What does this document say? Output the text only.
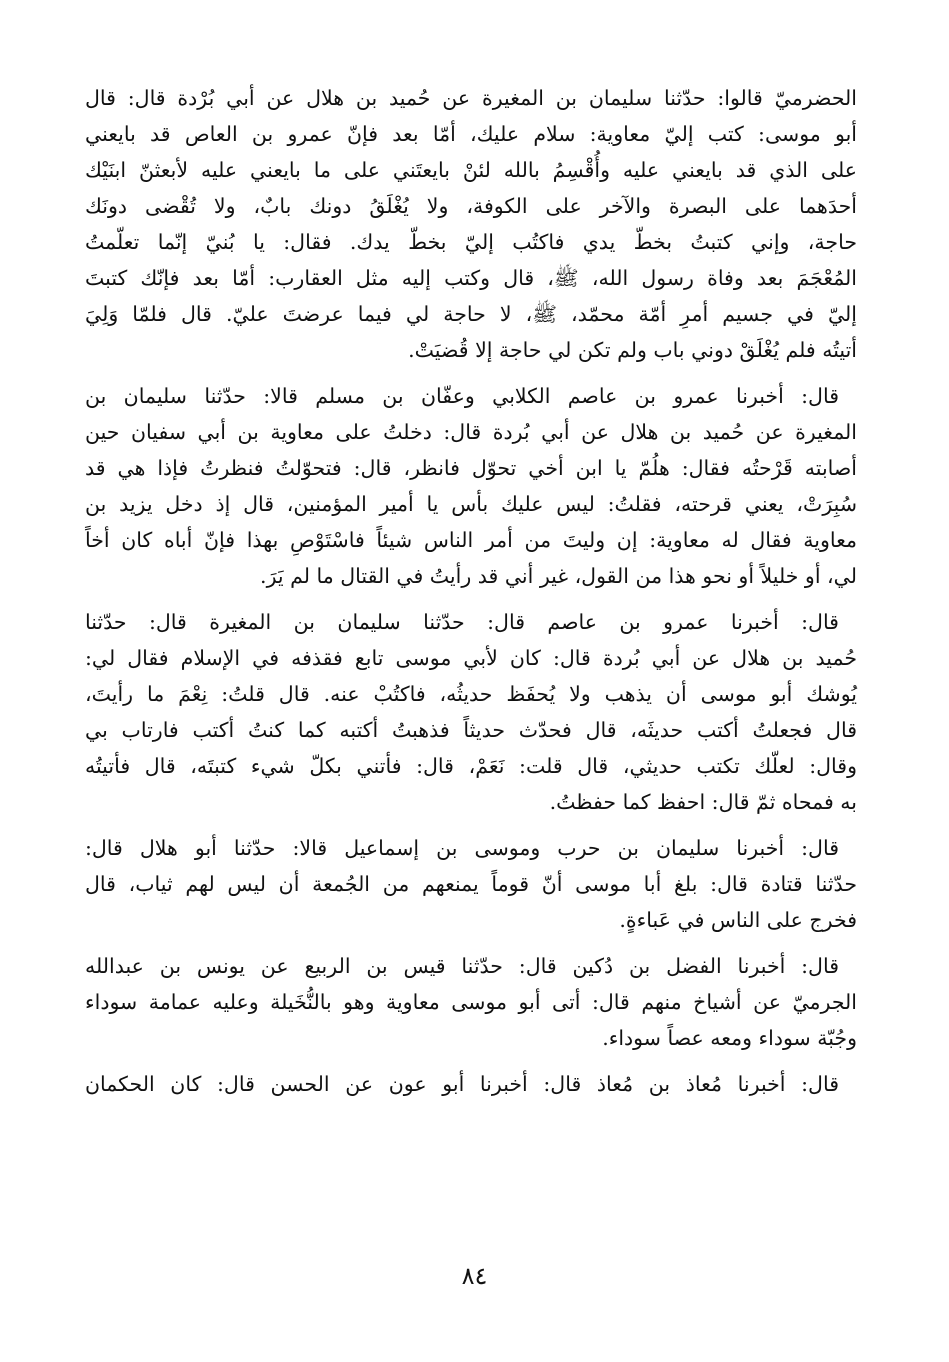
الحضرميّ قالوا: حدّثنا سليمان بن المغيرة عن حُميد بن هلال عن أبي بُرْدة قال: قال
أبو موسى: كتب إليّ معاوية: سلام عليك، أمّا بعد فإنّ عمرو بن العاص قد بايعني
على الذي قد بايعني عليه وأُقْسِمُ بالله لئنْ بايعتَني على ما بايعني عليه لأبعثنّ ابنَيْك
أحدَهما على البصرة والآخر على الكوفة، ولا يُغْلَقُ دونك بابٌ، ولا تُقْضى دونَك
حاجة، وإني كتبتُ بخطّ يدي فاكتُب إليّ بخطّ يدك. فقال: يا بُنيّ إنّما تعلّمتُ
المُعْجَمَ بعد وفاة رسول الله، ﷺ، قال وكتب إليه مثل العقارب: أمّا بعد فإنّك كتبتَ
إليّ في جسيم أمرِ أمّة محمّد، ﷺ، لا حاجة لي فيما عرضتَ عليّ. قال فلمّا وَلِيَ
أتيتُه فلم يُغْلَقْ دوني باب ولم تكن لي حاجة إلا قُضيَتْ.
قال: أخبرنا عمرو بن عاصم الكلابي وعفّان بن مسلم قالا: حدّثنا سليمان بن
المغيرة عن حُميد بن هلال عن أبي بُردة قال: دخلتُ على معاوية بن أبي سفيان حين
أصابته قَرْحتُه فقال: هلُمّ يا ابن أخي تحوّل فانظر، قال: فتحوّلتُ فنظرتُ فإذا هي قد
سُبِرَتْ، يعني قرحته، فقلتُ: ليس عليك بأس يا أمير المؤمنين، قال إذ دخل يزيد بن
معاوية فقال له معاوية: إن وليتَ من أمر الناس شيئاً فاسْتَوْصِ بهذا فإنّ أباه كان أخاً
لي، أو خليلاً أو نحو هذا من القول، غير أني قد رأيتُ في القتال ما لم يَرَ.
قال: أخبرنا عمرو بن عاصم قال: حدّثنا سليمان بن المغيرة قال: حدّثنا
حُميد بن هلال عن أبي بُردة قال: كان لأبي موسى تابع فقذفه في الإسلام فقال لي:
يُوشك أبو موسى أن يذهب ولا يُحفَظ حديثُه، فاكتُبْ عنه. قال قلتُ: نِعْمَ ما رأيتَ،
قال فجعلتُ أكتب حديثَه، قال فحدّث حديثاً فذهبتُ أكتبه كما كنتُ أكتب فارتاب بي
وقال: لعلّك تكتب حديثي، قال قلت: نَعَمْ، قال: فأتني بكلّ شيء كتبتَه، قال فأتيتُه
به فمحاه ثمّ قال: احفظ كما حفظتُ.
قال: أخبرنا سليمان بن حرب وموسى بن إسماعيل قالا: حدّثنا أبو هلال قال:
حدّثنا قتادة قال: بلغ أبا موسى أنّ قوماً يمنعهم من الجُمعة أن ليس لهم ثياب، قال
فخرج على الناس في عَباءةٍ.
قال: أخبرنا الفضل بن دُكين قال: حدّثنا قيس بن الربيع عن يونس بن عبدالله
الجرميّ عن أشياخ منهم قال: أتى أبو موسى معاوية وهو بالنُّخَيلة وعليه عمامة سوداء
وجُبّة سوداء ومعه عصاً سوداء.
قال: أخبرنا مُعاذ بن مُعاذ قال: أخبرنا أبو عون عن الحسن قال: كان الحكمان
٨٤
